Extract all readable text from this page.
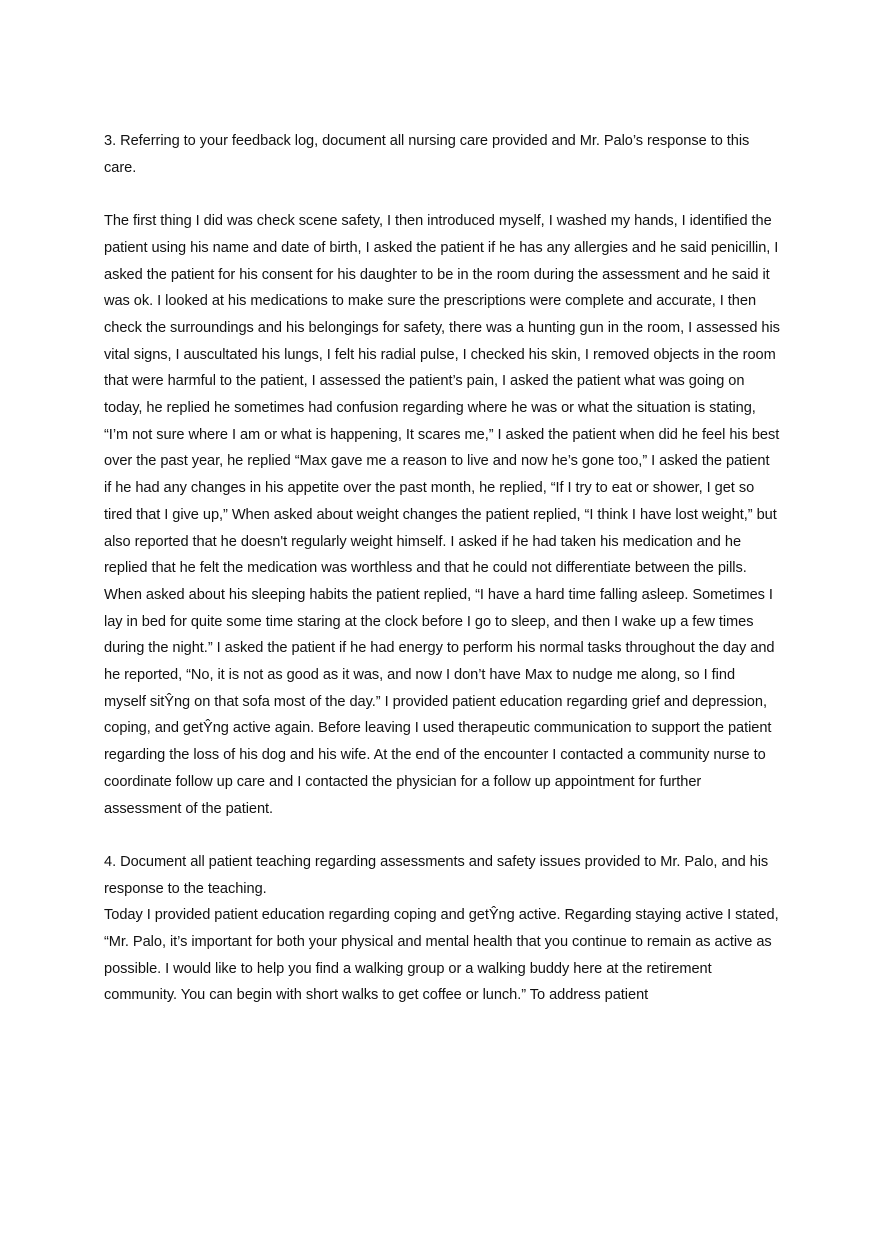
3. Referring to your feedback log, document all nursing care provided and Mr. Palo’s response to this care.

The first thing I did was check scene safety, I then introduced myself, I washed my hands, I identified the patient using his name and date of birth, I asked the patient if he has any allergies and he said penicillin, I asked the patient for his consent for his daughter to be in the room during the assessment and he said it was ok. I looked at his medications to make sure the prescriptions were complete and accurate, I then check the surroundings and his belongings for safety, there was a hunting gun in the room, I assessed his vital signs, I auscultated his lungs, I felt his radial pulse, I checked his skin, I removed objects in the room that were harmful to the patient, I assessed the patient’s pain, I asked the patient what was going on today, he replied he sometimes had confusion regarding where he was or what the situation is stating, “I’m not sure where I am or what is happening, It scares me,” I asked the patient when did he feel his best over the past year, he replied “Max gave me a reason to live and now he’s gone too,” I asked the patient if he had any changes in his appetite over the past month, he replied, “If I try to eat or shower, I get so tired that I give up,” When asked about weight changes the patient replied, “I think I have lost weight,” but also reported that he doesn't regularly weight himself. I asked if he had taken his medication and he replied that he felt the medication was worthless and that he could not differentiate between the pills. When asked about his sleeping habits the patient replied, “I have a hard time falling asleep. Sometimes I lay in bed for quite some time staring at the clock before I go to sleep, and then I wake up a few times during the night.” I asked the patient if he had energy to perform his normal tasks throughout the day and he reported, “No, it is not as good as it was, and now I don’t have Max to nudge me along, so I find myself sitŶng on that sofa most of the day.” I provided patient education regarding grief and depression, coping, and getŶng active again. Before leaving I used therapeutic communication to support the patient regarding the loss of his dog and his wife. At the end of the encounter I contacted a community nurse to coordinate follow up care and I contacted the physician for a follow up appointment for further assessment of the patient.

4. Document all patient teaching regarding assessments and safety issues provided to Mr. Palo, and his response to the teaching.

Today I provided patient education regarding coping and getŶng active. Regarding staying active I stated, “Mr. Palo, it’s important for both your physical and mental health that you continue to remain as active as possible. I would like to help you find a walking group or a walking buddy here at the retirement community. You can begin with short walks to get coffee or lunch.” To address patient
